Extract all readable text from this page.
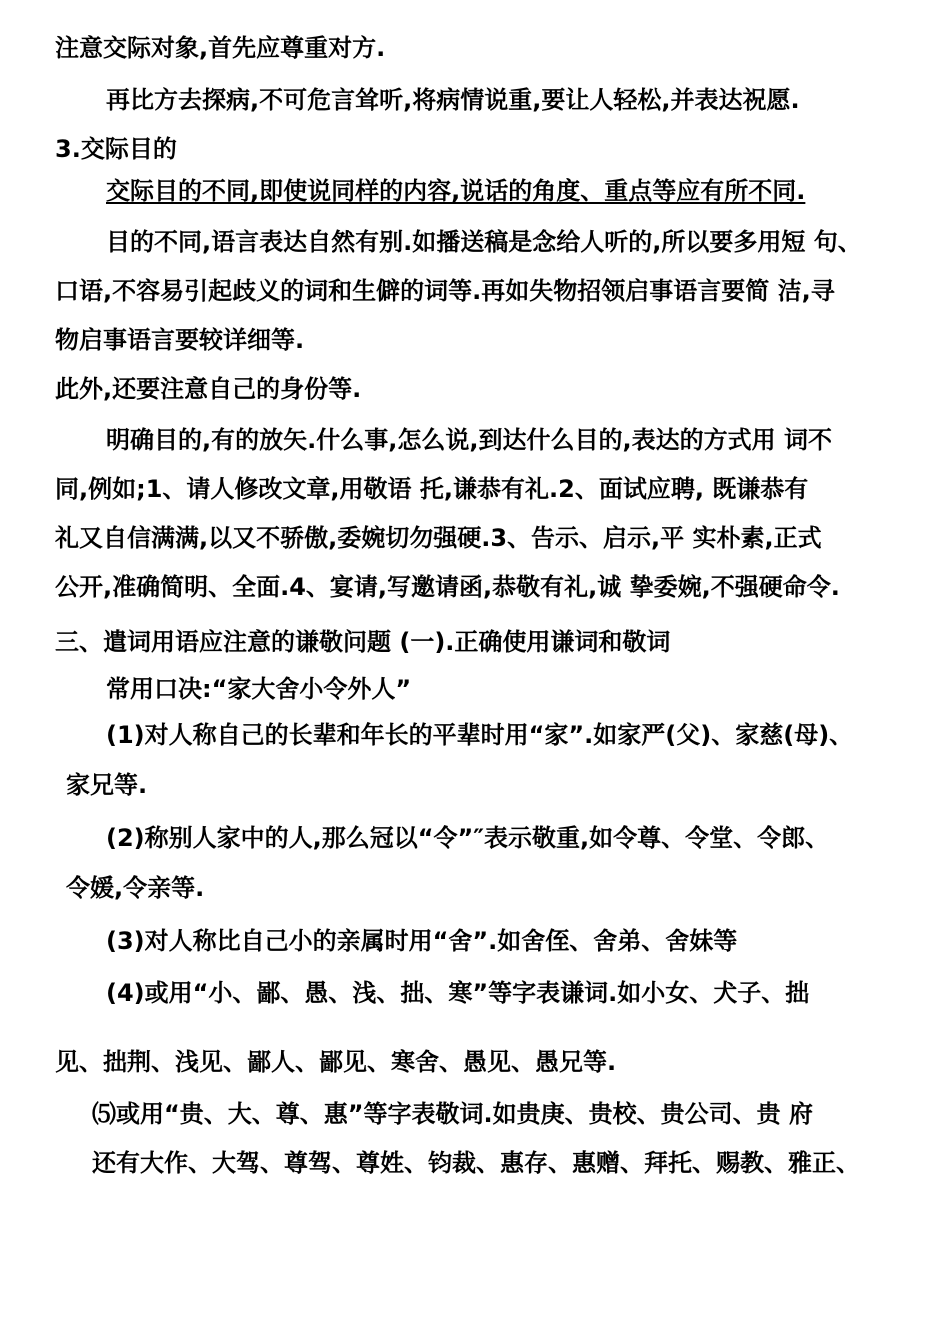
注意交际对象,首先应尊重对方.
再比方去探病,不可危言耸听,将病情说重,要让人轻松,并表达祝愿.
3.交际目的
交际目的不同,即使说同样的内容,说话的角度、重点等应有所不同.
目的不同,语言表达自然有别.如播送稿是念给人听的,所以要多用短 句、
口语,不容易引起歧义的词和生僻的词等.再如失物招领启事语言要简 洁,寻
物启事语言要较详细等.
此外,还要注意自己的身份等.
明确目的,有的放矢.什么事,怎么说,到达什么目的,表达的方式用 词不
同,例如;1、请人修改文章,用敬语 托,谦恭有礼.2、面试应聘, 既谦恭有
礼又自信满满,以又不骄傲,委婉切勿强硬.3、告示、启示,平 实朴素,正式
公开,准确简明、全面.4、宴请,写邀请函,恭敬有礼,诚 挚委婉,不强硬命令.
三、遣词用语应注意的谦敬问题 (一).正确使用谦词和敬词
常用口决:“家大舍小令外人”
(1)对人称自己的长辈和年长的平辈时用“家”.如家严(父)、家慈(母)、
家兄等.
(2)称别人家中的人,那么冠以“令”″表示敬重,如令尊、令堂、令郎、
令媛,令亲等.
(3)对人称比自己小的亲属时用“舍”.如舍侄、舍弟、舍妹等
(4)或用“小、鄙、愚、浅、拙、寒”等字表谦词.如小女、犬子、拙
见、拙荆、浅见、鄙人、鄙见、寒舍、愚见、愚兄等.
⑸或用“贵、大、尊、惠”等字表敬词.如贵庚、贵校、贵公司、贵 府
还有大作、大驾、尊驾、尊姓、钧裁、惠存、惠赠、拜托、赐教、雅正、
